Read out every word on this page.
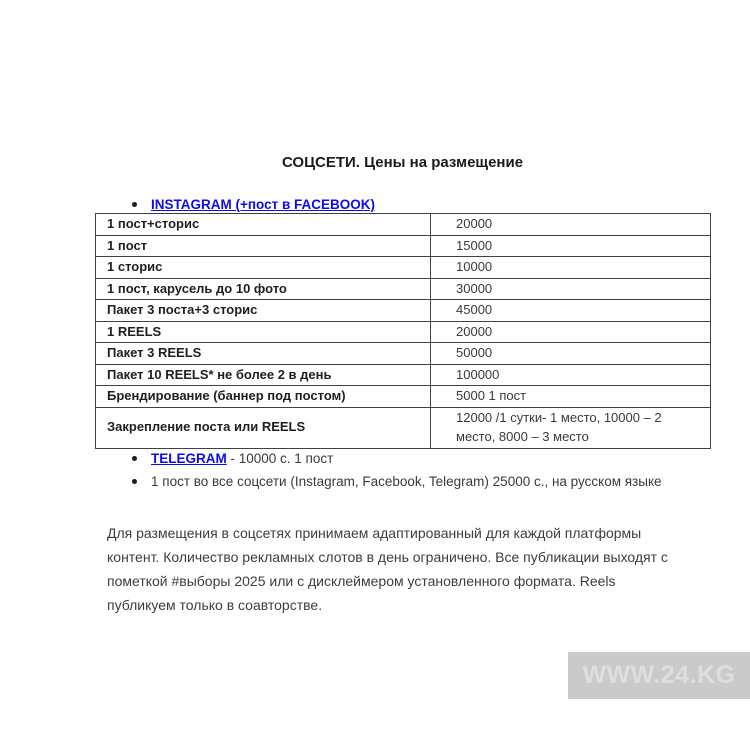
СОЦСЕТИ. Цены на размещение
INSTAGRAM (+пост в FACEBOOK)
1 пост+сторис	20000
1 пост	15000
1 сторис	10000
1 пост, карусель до 10 фото	30000
Пакет 3 поста+3 сторис	45000
1 REELS	20000
Пакет 3 REELS	50000
Пакет 10 REELS* не более 2 в день	100000
Брендирование (баннер под постом)	5000 1 пост
Закрепление поста или REELS	12000 /1 сутки- 1 место, 10000 – 2 место, 8000 – 3 место
TELEGRAM - 10000 с. 1 пост
1 пост во все соцсети (Instagram, Facebook, Telegram) 25000 с., на русском языке
Для размещения в соцсетях принимаем адаптированный для каждой платформы
контент. Количество рекламных слотов в день ограничено. Все публикации выходят с
пометкой #выборы 2025 или с дисклеймером установленного формата. Reels
публикуем только в соавторстве.
WWW.24.KG
